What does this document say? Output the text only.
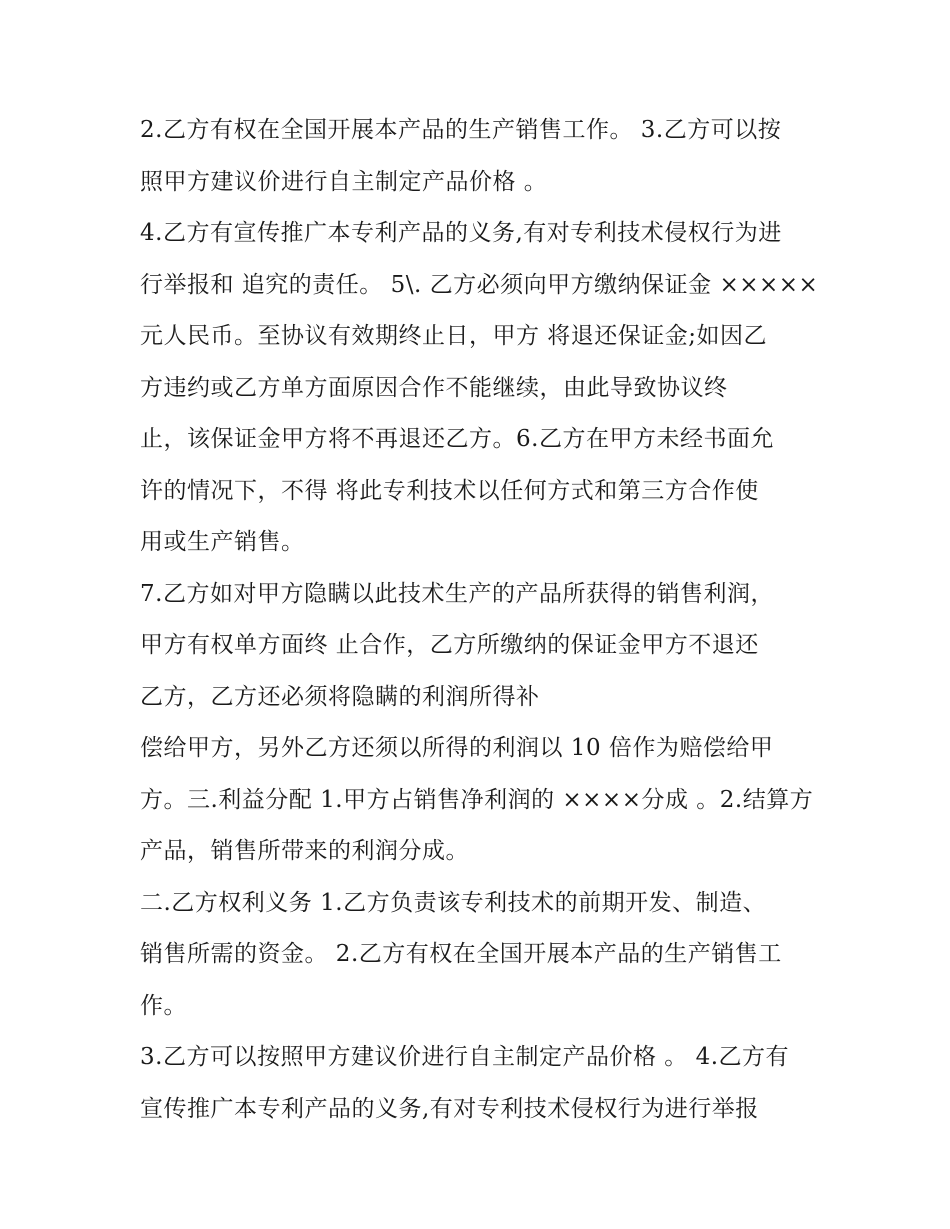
2.乙方有权在全国开展本产品的生产销售工作。 3.乙方可以按
照甲方建议价进行自主制定产品价格 。
4.乙方有宣传推广本专利产品的义务,有对专利技术侵权行为进
行举报和 追究的责任。 5\. 乙方必须向甲方缴纳保证金 ×××××
元人民币。至协议有效期终止日，甲方 将退还保证金;如因乙
方违约或乙方单方面原因合作不能继续，由此导致协议终
止，该保证金甲方将不再退还乙方。6.乙方在甲方未经书面允
许的情况下，不得 将此专利技术以任何方式和第三方合作使
用或生产销售。
7.乙方如对甲方隐瞒以此技术生产的产品所获得的销售利润，
甲方有权单方面终 止合作，乙方所缴纳的保证金甲方不退还
乙方，乙方还必须将隐瞒的利润所得补
偿给甲方，另外乙方还须以所得的利润以 10 倍作为赔偿给甲
方。三.利益分配 1.甲方占销售净利润的 ××××分成 。2.结算方
产品，销售所带来的利润分成。
二.乙方权利义务 1.乙方负责该专利技术的前期开发、制造、
销售所需的资金。 2.乙方有权在全国开展本产品的生产销售工
作。
3.乙方可以按照甲方建议价进行自主制定产品价格 。 4.乙方有
宣传推广本专利产品的义务,有对专利技术侵权行为进行举报
